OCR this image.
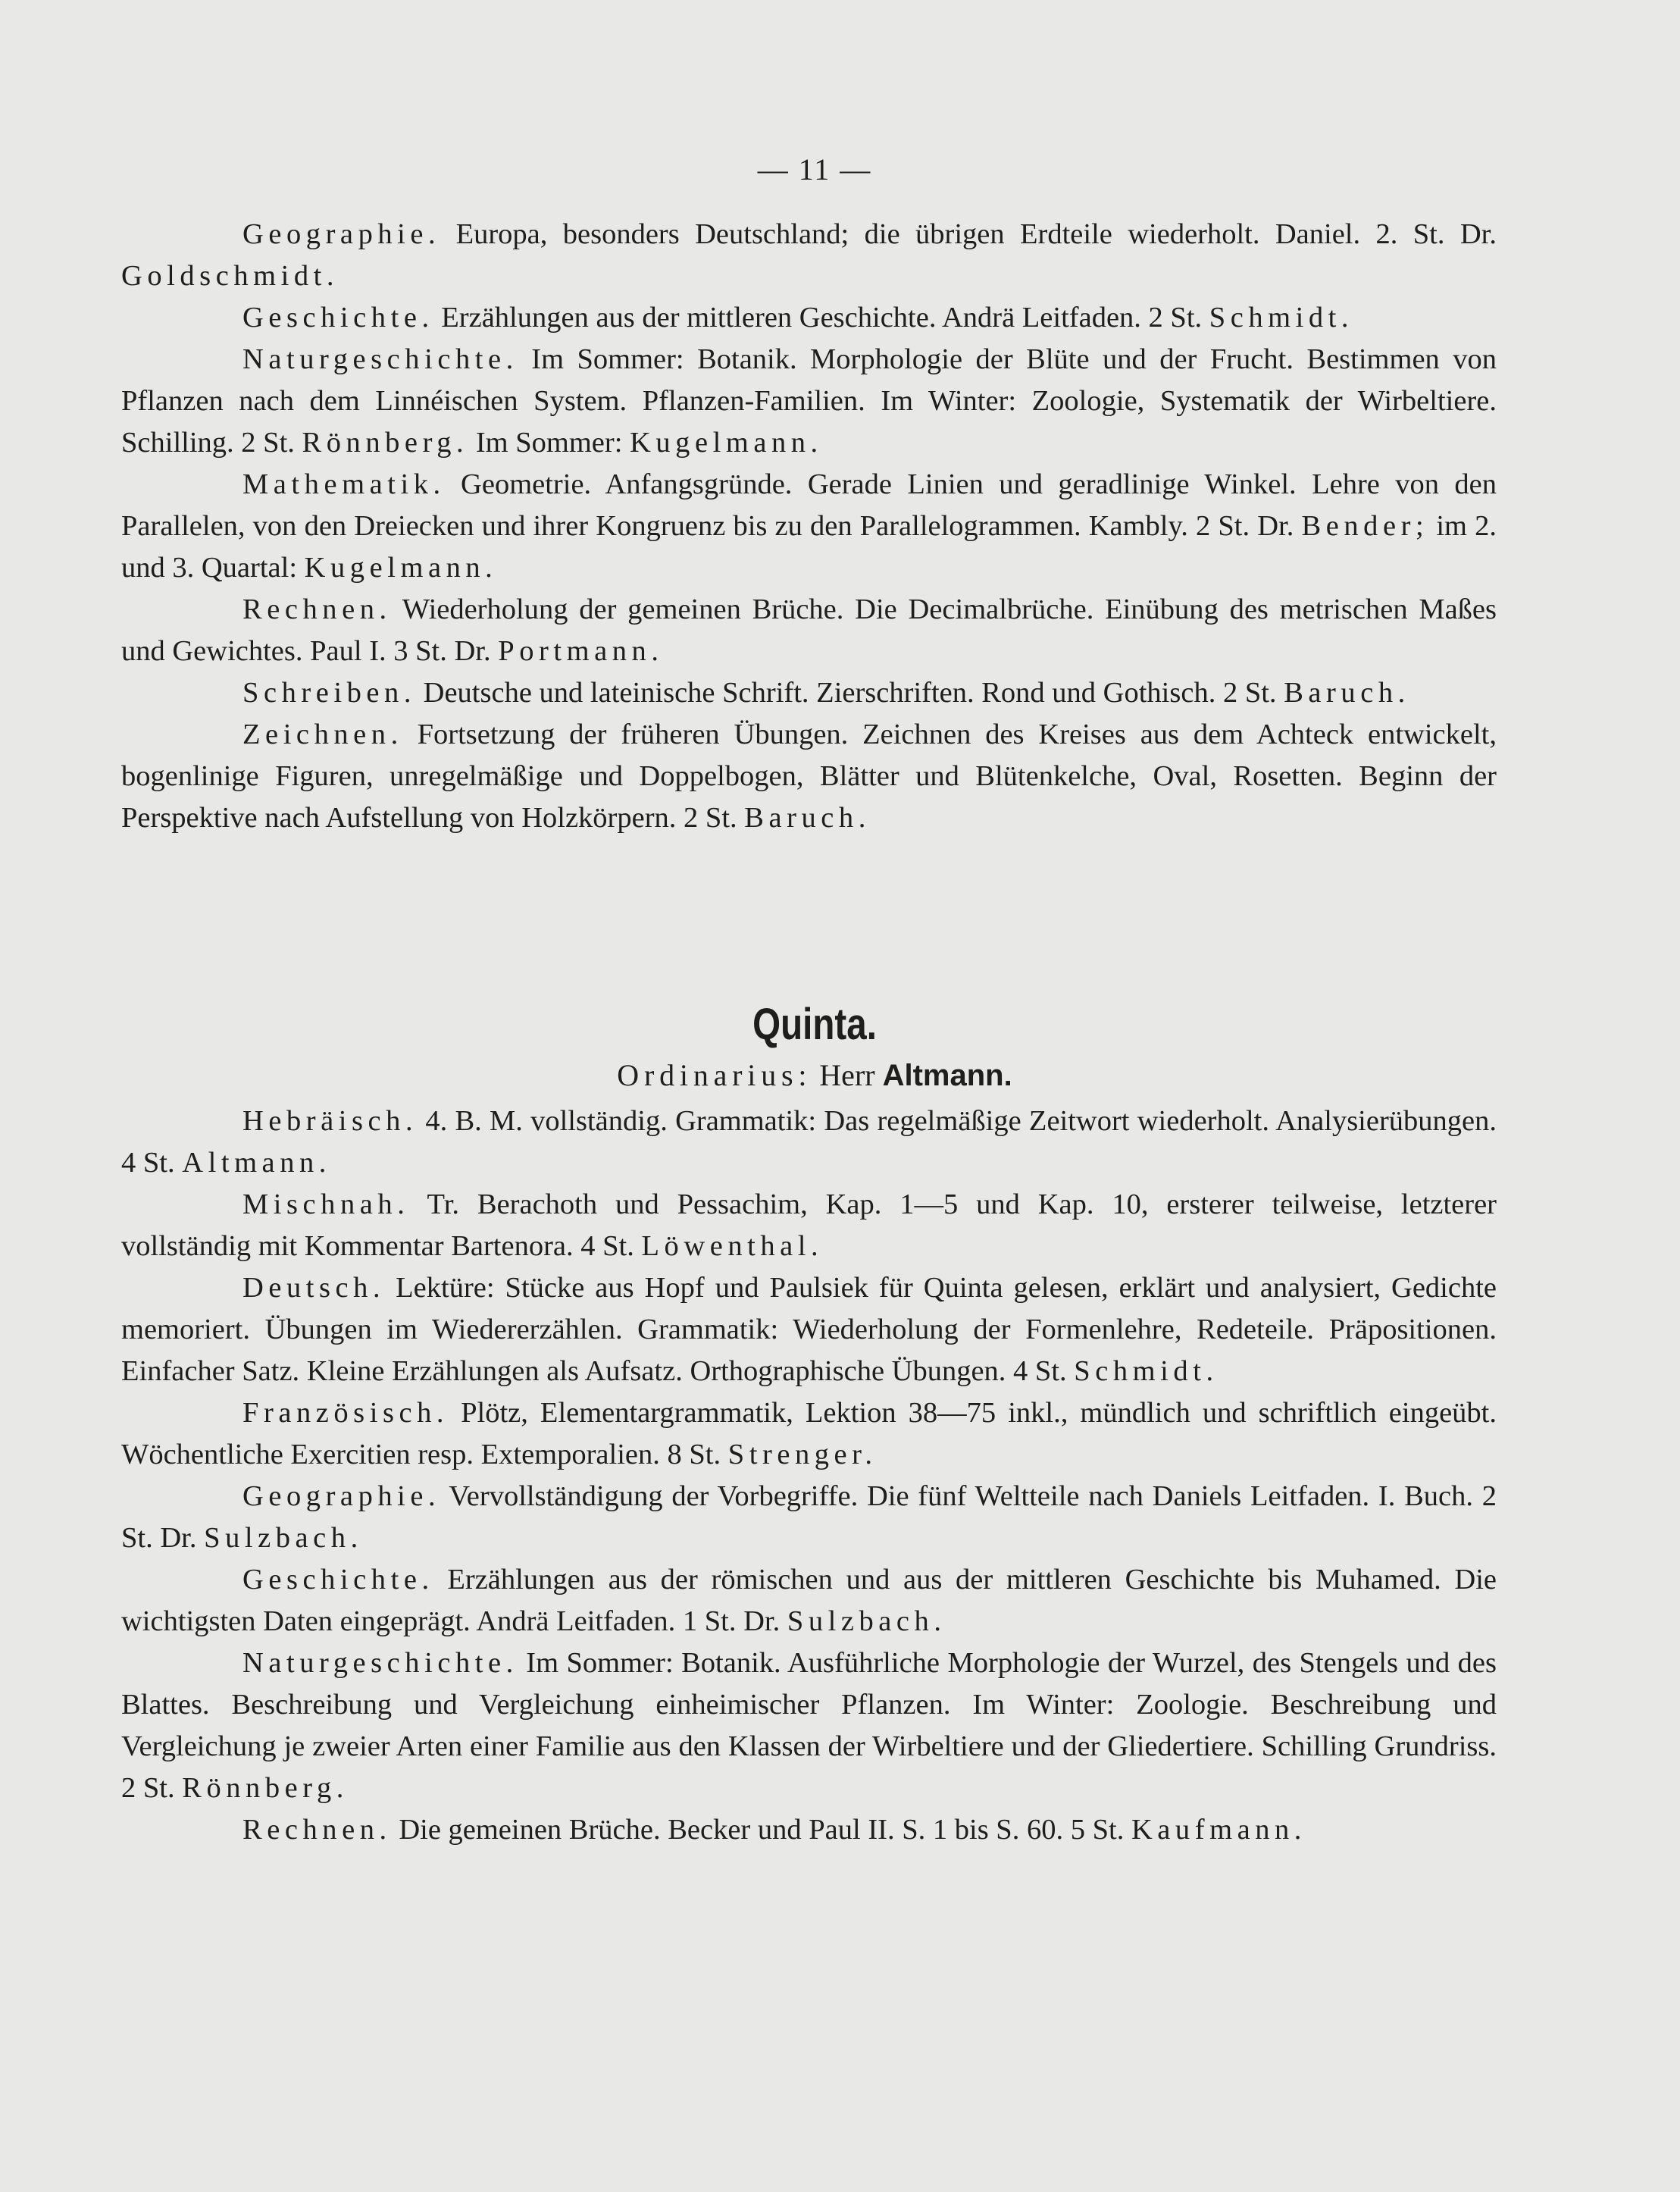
— 11 —

Geographie. Europa, besonders Deutschland; die übrigen Erdteile wiederholt. Daniel. 2. St. Dr. Goldschmidt.

Geschichte. Erzählungen aus der mittleren Geschichte. Andrä Leitfaden. 2 St. Schmidt.

Naturgeschichte. Im Sommer: Botanik. Morphologie der Blüte und der Frucht. Bestimmen von Pflanzen nach dem Linnéischen System. Pflanzen-Familien. Im Winter: Zoologie, Systematik der Wirbeltiere. Schilling. 2 St. Rönnberg. Im Sommer: Kugelmann.

Mathematik. Geometrie. Anfangsgründe. Gerade Linien und geradlinige Winkel. Lehre von den Parallelen, von den Dreiecken und ihrer Kongruenz bis zu den Parallelogrammen. Kambly. 2 St. Dr. Bender; im 2. und 3. Quartal: Kugelmann.

Rechnen. Wiederholung der gemeinen Brüche. Die Decimalbrüche. Einübung des metrischen Maßes und Gewichtes. Paul I. 3 St. Dr. Portmann.

Schreiben. Deutsche und lateinische Schrift. Zierschriften. Rond und Gothisch. 2 St. Baruch.

Zeichnen. Fortsetzung der früheren Übungen. Zeichnen des Kreises aus dem Achteck entwickelt, bogenlinige Figuren, unregelmäßige und Doppelbogen, Blätter und Blütenkelche, Oval, Rosetten. Beginn der Perspektive nach Aufstellung von Holzkörpern. 2 St. Baruch.

Quinta.
Ordinarius: Herr Altmann.

Hebräisch. 4. B. M. vollständig. Grammatik: Das regelmäßige Zeitwort wiederholt. Analysierübungen. 4 St. Altmann.

Mischnah. Tr. Berachoth und Pessachim, Kap. 1—5 und Kap. 10, ersterer teilweise, letzterer vollständig mit Kommentar Bartenora. 4 St. Löwenthal.

Deutsch. Lektüre: Stücke aus Hopf und Paulsiek für Quinta gelesen, erklärt und analysiert, Gedichte memoriert. Übungen im Wiedererzählen. Grammatik: Wiederholung der Formenlehre, Redeteile. Präpositionen. Einfacher Satz. Kleine Erzählungen als Aufsatz. Orthographische Übungen. 4 St. Schmidt.

Französisch. Plötz, Elementargrammatik, Lektion 38—75 inkl., mündlich und schriftlich eingeübt. Wöchentliche Exercitien resp. Extemporalien. 8 St. Strenger.

Geographie. Vervollständigung der Vorbegriffe. Die fünf Weltteile nach Daniels Leitfaden. I. Buch. 2 St. Dr. Sulzbach.

Geschichte. Erzählungen aus der römischen und aus der mittleren Geschichte bis Muhamed. Die wichtigsten Daten eingeprägt. Andrä Leitfaden. 1 St. Dr. Sulzbach.

Naturgeschichte. Im Sommer: Botanik. Ausführliche Morphologie der Wurzel, des Stengels und des Blattes. Beschreibung und Vergleichung einheimischer Pflanzen. Im Winter: Zoologie. Beschreibung und Vergleichung je zweier Arten einer Familie aus den Klassen der Wirbeltiere und der Gliedertiere. Schilling Grundriss. 2 St. Rönnberg.

Rechnen. Die gemeinen Brüche. Becker und Paul II. S. 1 bis S. 60. 5 St. Kaufmann.
